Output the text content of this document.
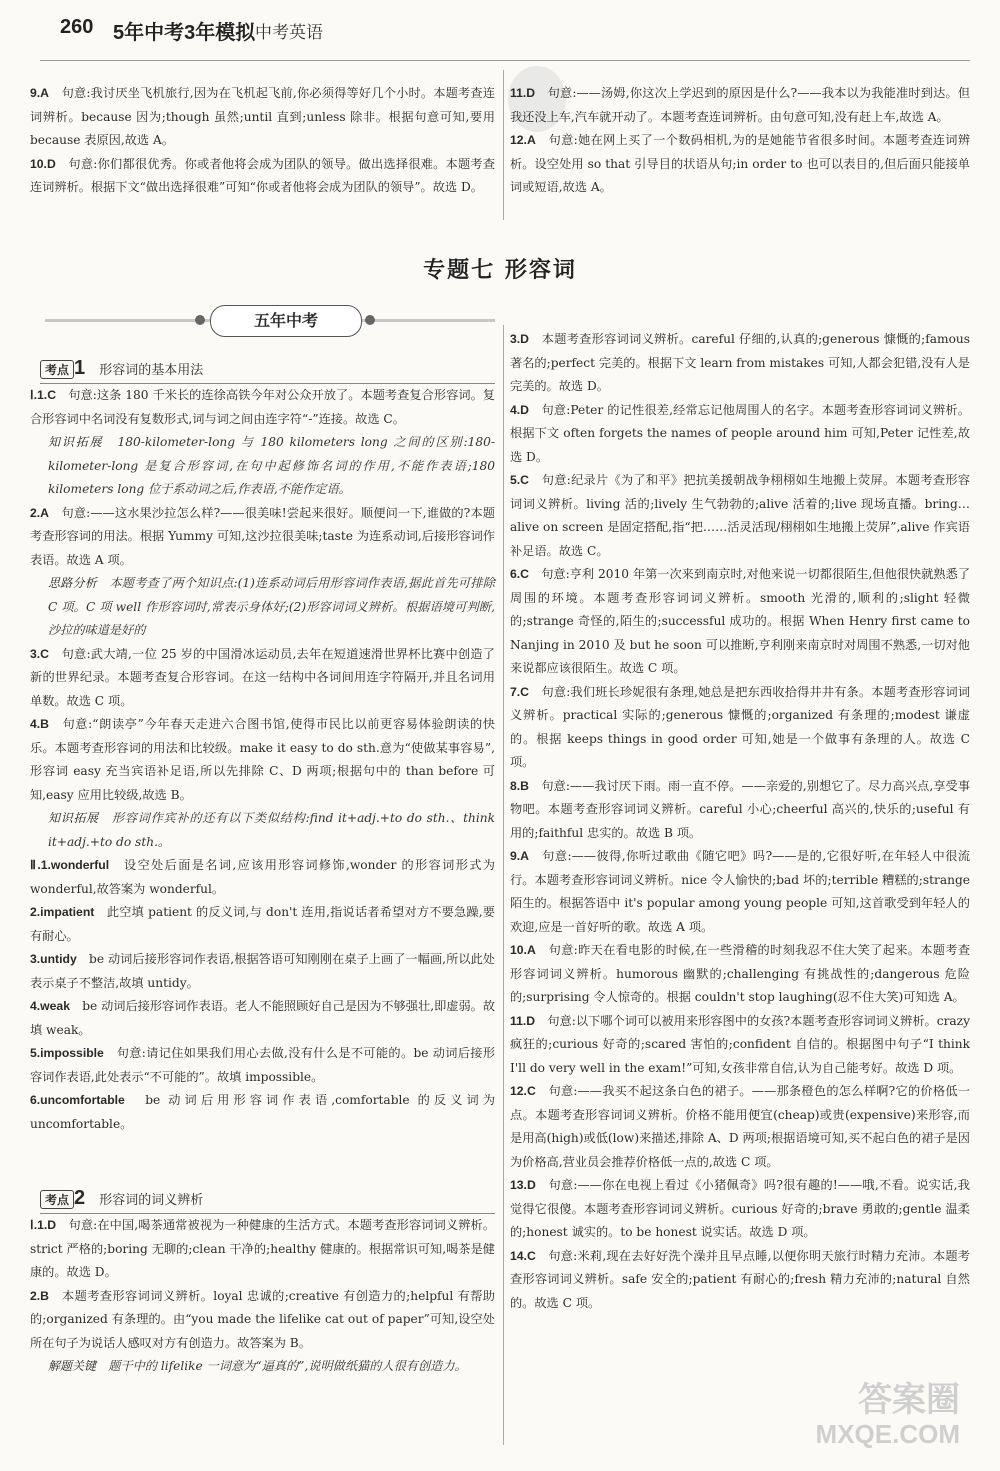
260 5年中考3年模拟 中考英语

9.A　 句意:我讨厌坐飞机旅行,因为在飞机起飞前,你必须得等好几个小时。本题考查连词辨析。because 因为;though 虽然;until 直到;unless 除非。根据句意可知,要用 because 表原因,故选 A。

10.D　 句意:你们都很优秀。你或者他将会成为团队的领导。做出选择很难。本题考查连词辨析。根据下文“做出选择很难”可知“你或者他将会成为团队的领导”。故选 D。

11.D　 句意:——汤姆,你这次上学迟到的原因是什么?——我本以为我能准时到达。但我还没上车,汽车就开动了。本题考查连词辨析。由句意可知,没有赶上车,故选 A。

12.A　 句意:她在网上买了一个数码相机,为的是她能节省很多时间。本题考查连词辨析。设空处用 so that 引导目的状语从句;in order to 也可以表目的,但后面只能接单词或短语,故选 A。

专题七 形容词
五年中考
考点 1 形容词的基本用法

Ⅰ.1.C　 句意:这条 180 千米长的连徐高铁今年对公众开放了。本题考查复合形容词。复合形容词中名词没有复数形式,词与词之间由连字符“-”连接。故选 C。

知识拓展　 180-kilometer-long 与 180 kilometers long 之间的区别:180-kilometer-long 是复合形容词,在句中起修饰名词的作用,不能作表语;180 kilometers long 位于系动词之后,作表语,不能作定语。

2.A　 句意:——这水果沙拉怎么样?——很美味!尝起来很好。顺便问一下,谁做的?本题考查形容词的用法。根据 Yummy 可知,这沙拉很美味;taste 为连系动词,后接形容词作表语。故选 A 项。

思路分析　 本题考查了两个知识点:(1)连系动词后用形容词作表语,据此首先可排除 C 项。C 项 well 作形容词时,常表示身体好;(2)形容词词义辨析。根据语境可判断,沙拉的味道是好的

3.C　 句意:武大靖,一位 25 岁的中国滑冰运动员,去年在短道速滑世界杯比赛中创造了新的世界纪录。本题考查复合形容词。在这一结构中各词间用连字符隔开,并且名词用单数。故选 C 项。

4.B　 句意:“朗读亭”今年春天走进六合图书馆,使得市民比以前更容易体验朗读的快乐。本题考查形容词的用法和比较级。make it easy to do sth.意为“使做某事容易”,形容词 easy 充当宾语补足语,所以先排除 C、D 两项;根据句中的 than before 可知,easy 应用比较级,故选 B。

知识拓展　 形容词作宾补的还有以下类似结构:find it+adj.+to do sth.、think it+adj.+to do sth.。

Ⅱ.1.wonderful　 设空处后面是名词,应该用形容词修饰,wonder 的形容词形式为 wonderful,故答案为 wonderful。

2.impatient　 此空填 patient 的反义词,与 don't 连用,指说话者希望对方不要急躁,要有耐心。

3.untidy　 be 动词后接形容词作表语,根据答语可知刚刚在桌子上画了一幅画,所以此处表示桌子不整洁,故填 untidy。

4.weak　 be 动词后接形容词作表语。老人不能照顾好自己是因为不够强壮,即虚弱。故填 weak。

5.impossible　 句意:请记住如果我们用心去做,没有什么是不可能的。be 动词后接形容词作表语,此处表示“不可能的”。故填 impossible。

6.uncomfortable　 be 动词后用形容词作表语,comfortable 的反义词为 uncomfortable。

考点 2 形容词的词义辨析

Ⅰ.1.D　 句意:在中国,喝茶通常被视为一种健康的生活方式。本题考查形容词词义辨析。strict 严格的;boring 无聊的;clean 干净的;healthy 健康的。根据常识可知,喝茶是健康的。故选 D。

2.B　 本题考查形容词词义辨析。loyal 忠诚的;creative 有创造力的;helpful 有帮助的;organized 有条理的。由“you made the lifelike cat out of paper”可知,设空处所在句子为说话人感叹对方有创造力。故答案为 B。

解题关键　 题干中的 lifelike 一词意为“逼真的”,说明做纸猫的人很有创造力。

3.D　 本题考查形容词词义辨析。careful 仔细的,认真的;generous 慷慨的;famous 著名的;perfect 完美的。根据下文 learn from mistakes 可知,人都会犯错,没有人是完美的。故选 D。

4.D　 句意:Peter 的记性很差,经常忘记他周围人的名字。本题考查形容词词义辨析。根据下文 often forgets the names of people around him 可知,Peter 记性差,故选 D。

5.C　 句意:纪录片《为了和平》把抗美援朝战争栩栩如生地搬上荧屏。本题考查形容词词义辨析。living 活的;lively 生气勃勃的;alive 活着的;live 现场直播。bring…alive on screen 是固定搭配,指“把……活灵活现/栩栩如生地搬上荧屏”,alive 作宾语补足语。故选 C。

6.C　 句意:亨利 2010 年第一次来到南京时,对他来说一切都很陌生,但他很快就熟悉了周围的环境。本题考查形容词词义辨析。smooth 光滑的,顺利的;slight 轻微的;strange 奇怪的,陌生的;successful 成功的。根据 When Henry first came to Nanjing in 2010 及 but he soon 可以推断,亨利刚来南京时对周围不熟悉,一切对他来说都应该很陌生。故选 C 项。

7.C　 句意:我们班长珍妮很有条理,她总是把东西收拾得井井有条。本题考查形容词词义辨析。practical 实际的;generous 慷慨的;organized 有条理的;modest 谦虚的。根据 keeps things in good order 可知,她是一个做事有条理的人。故选 C 项。

8.B　 句意:——我讨厌下雨。雨一直不停。——亲爱的,别想它了。尽力高兴点,享受事物吧。本题考查形容词词义辨析。careful 小心;cheerful 高兴的,快乐的;useful 有用的;faithful 忠实的。故选 B 项。

9.A　 句意:——彼得,你听过歌曲《随它吧》吗?——是的,它很好听,在年轻人中很流行。本题考查形容词词义辨析。nice 令人愉快的;bad 坏的;terrible 糟糕的;strange 陌生的。根据答语中 it's popular among young people 可知,这首歌受到年轻人的欢迎,应是一首好听的歌。故选 A 项。

10.A　 句意:昨天在看电影的时候,在一些滑稽的时刻我忍不住大笑了起来。本题考查形容词词义辨析。humorous 幽默的;challenging 有挑战性的;dangerous 危险的;surprising 令人惊奇的。根据 couldn't stop laughing(忍不住大笑)可知选 A。

11.D　 句意:以下哪个词可以被用来形容图中的女孩?本题考查形容词词义辨析。crazy 疯狂的;curious 好奇的;scared 害怕的;confident 自信的。根据图中句子“I think I'll do very well in the exam!”可知,女孩非常自信,认为自己能考好。故选 D 项。

12.C　 句意:——我买不起这条白色的裙子。——那条橙色的怎么样啊?它的价格低一点。本题考查形容词词义辨析。价格不能用便宜(cheap)或贵(expensive)来形容,而是用高(high)或低(low)来描述,排除 A、D 两项;根据语境可知,买不起白色的裙子是因为价格高,营业员会推荐价格低一点的,故选 C 项。

13.D　 句意:——你在电视上看过《小猪佩奇》吗?很有趣的!——哦,不看。说实话,我觉得它很傻。本题考查形容词词义辨析。curious 好奇的;brave 勇敢的;gentle 温柔的;honest 诚实的。to be honest 说实话。故选 D 项。

14.C　 句意:米莉,现在去好好洗个澡并且早点睡,以便你明天旅行时精力充沛。本题考查形容词词义辨析。safe 安全的;patient 有耐心的;fresh 精力充沛的;natural 自然的。故选 C 项。

答案圈
MXQE.COM
